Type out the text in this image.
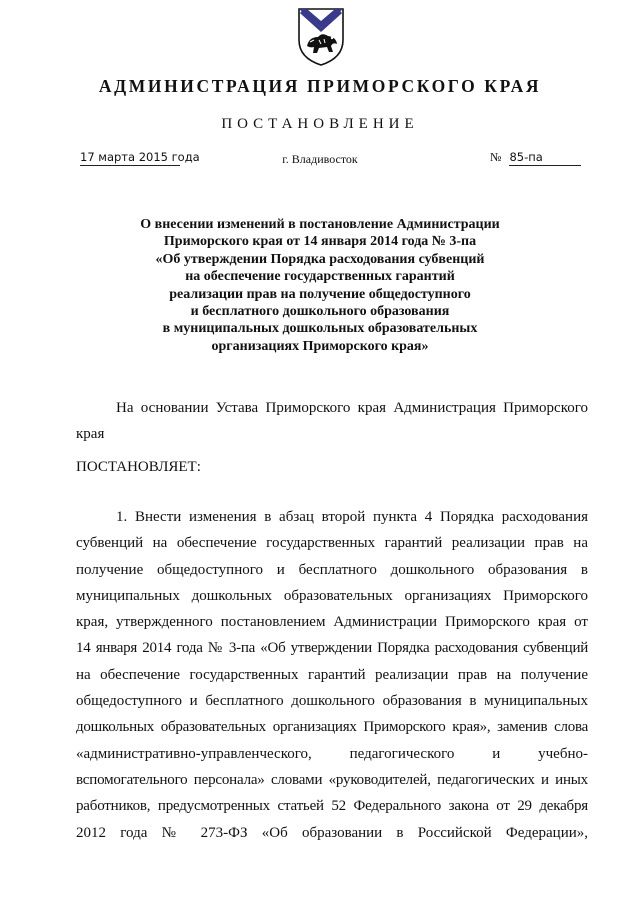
АДМИНИСТРАЦИЯ ПРИМОРСКОГО КРАЯ
ПОСТАНОВЛЕНИЕ
17 марта 2015 года	г. Владивосток	№ 85-па
О внесении изменений в постановление Администрации
Приморского края от 14 января 2014 года № 3-па
«Об утверждении Порядка расходования субвенций
на обеспечение государственных гарантий
реализации прав на получение общедоступного
и бесплатного дошкольного образования
в муниципальных дошкольных образовательных
организациях Приморского края»
На основании Устава Приморского края Администрация Приморского
края
ПОСТАНОВЛЯЕТ:
1. Внести изменения в абзац второй пункта 4 Порядка расходования
субвенций на обеспечение государственных гарантий реализации прав на
получение общедоступного и бесплатного дошкольного образования в
муниципальных дошкольных образовательных организациях Приморского
края, утвержденного постановлением Администрации Приморского края от
14 января 2014 года № 3-па «Об утверждении Порядка расходования субвенций
на обеспечение государственных гарантий реализации прав на получение
общедоступного и бесплатного дошкольного образования в муниципальных
дошкольных образовательных организациях Приморского края», заменив слова
«административно-управленческого, педагогического и учебно-
вспомогательного персонала» словами «руководителей, педагогических и иных
работников, предусмотренных статьей 52 Федерального закона от 29 декабря
2012 года № 273-ФЗ «Об образовании в Российской Федерации»,
